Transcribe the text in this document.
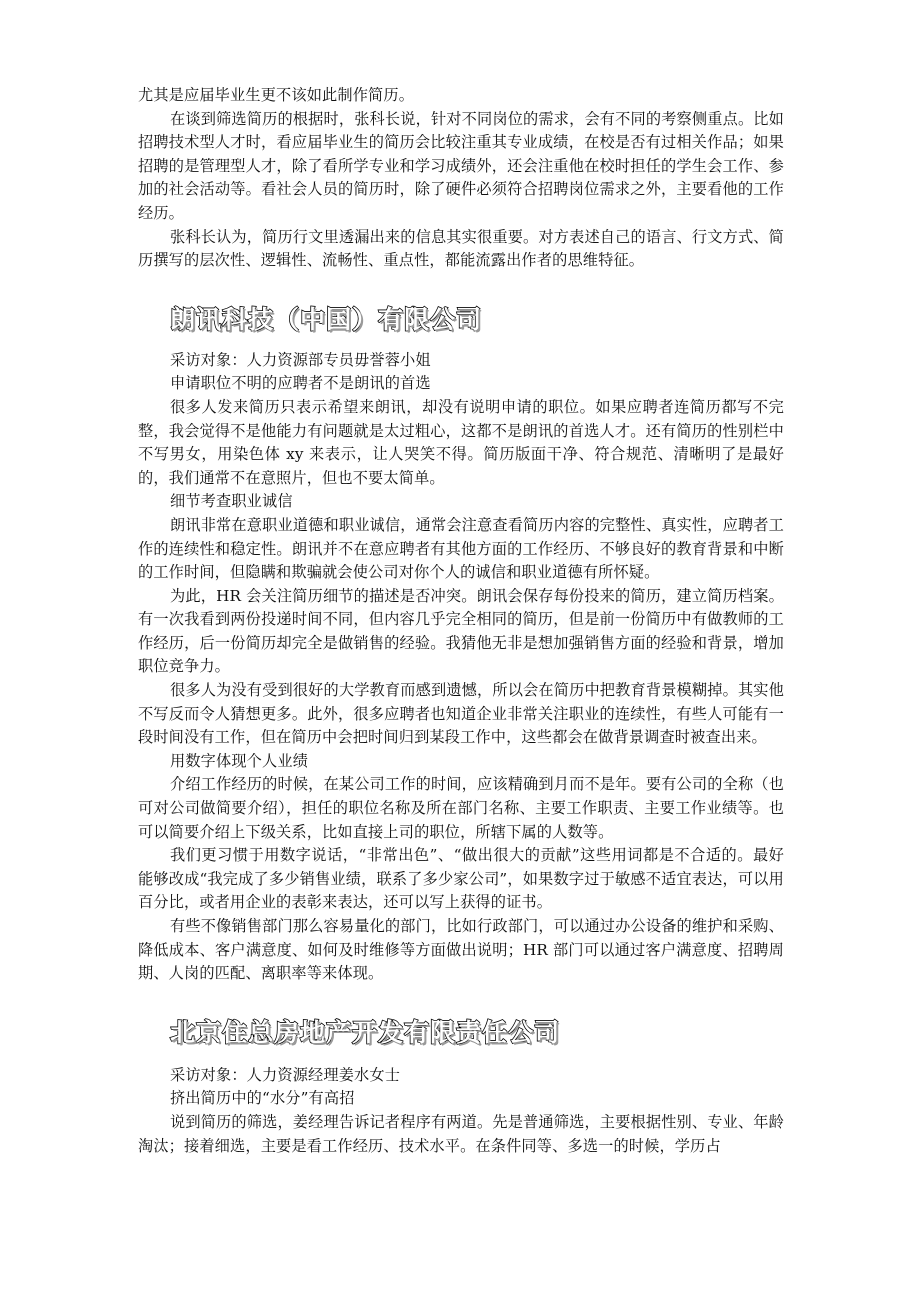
尤其是应届毕业生更不该如此制作简历。

在谈到筛选简历的根据时，张科长说，针对不同岗位的需求，会有不同的考察侧重点。比如招聘技术型人才时，看应届毕业生的简历会比较注重其专业成绩，在校是否有过相关作品；如果招聘的是管理型人才，除了看所学专业和学习成绩外，还会注重他在校时担任的学生会工作、参加的社会活动等。看社会人员的简历时，除了硬件必须符合招聘岗位需求之外，主要看他的工作经历。

张科长认为，简历行文里透漏出来的信息其实很重要。对方表述自己的语言、行文方式、简历撰写的层次性、逻辑性、流畅性、重点性，都能流露出作者的思维特征。

朗讯科技（中国）有限公司

采访对象：人力资源部专员毋誉蓉小姐

申请职位不明的应聘者不是朗讯的首选

很多人发来简历只表示希望来朗讯，却没有说明申请的职位。如果应聘者连简历都写不完整，我会觉得不是他能力有问题就是太过粗心，这都不是朗讯的首选人才。还有简历的性别栏中不写男女，用染色体 xy 来表示，让人哭笑不得。简历版面干净、符合规范、清晰明了是最好的，我们通常不在意照片，但也不要太简单。

细节考查职业诚信

朗讯非常在意职业道德和职业诚信，通常会注意查看简历内容的完整性、真实性，应聘者工作的连续性和稳定性。朗讯并不在意应聘者有其他方面的工作经历、不够良好的教育背景和中断的工作时间，但隐瞒和欺骗就会使公司对你个人的诚信和职业道德有所怀疑。

为此，HR 会关注简历细节的描述是否冲突。朗讯会保存每份投来的简历，建立简历档案。有一次我看到两份投递时间不同，但内容几乎完全相同的简历，但是前一份简历中有做教师的工作经历，后一份简历却完全是做销售的经验。我猜他无非是想加强销售方面的经验和背景，增加职位竞争力。

很多人为没有受到很好的大学教育而感到遗憾，所以会在简历中把教育背景模糊掉。其实他不写反而令人猜想更多。此外，很多应聘者也知道企业非常关注职业的连续性，有些人可能有一段时间没有工作，但在简历中会把时间归到某段工作中，这些都会在做背景调查时被查出来。

用数字体现个人业绩

介绍工作经历的时候，在某公司工作的时间，应该精确到月而不是年。要有公司的全称（也可对公司做简要介绍），担任的职位名称及所在部门名称、主要工作职责、主要工作业绩等。也可以简要介绍上下级关系，比如直接上司的职位，所辖下属的人数等。

我们更习惯于用数字说话，“非常出色”、“做出很大的贡献”这些用词都是不合适的。最好能够改成“我完成了多少销售业绩，联系了多少家公司”，如果数字过于敏感不适宜表达，可以用百分比，或者用企业的表彰来表达，还可以写上获得的证书。

有些不像销售部门那么容易量化的部门，比如行政部门，可以通过办公设备的维护和采购、降低成本、客户满意度、如何及时维修等方面做出说明；HR 部门可以通过客户满意度、招聘周期、人岗的匹配、离职率等来体现。

北京住总房地产开发有限责任公司

采访对象：人力资源经理姜水女士

挤出简历中的“水分”有高招

说到简历的筛选，姜经理告诉记者程序有两道。先是普通筛选，主要根据性别、专业、年龄淘汰；接着细选，主要是看工作经历、技术水平。在条件同等、多选一的时候，学历占
